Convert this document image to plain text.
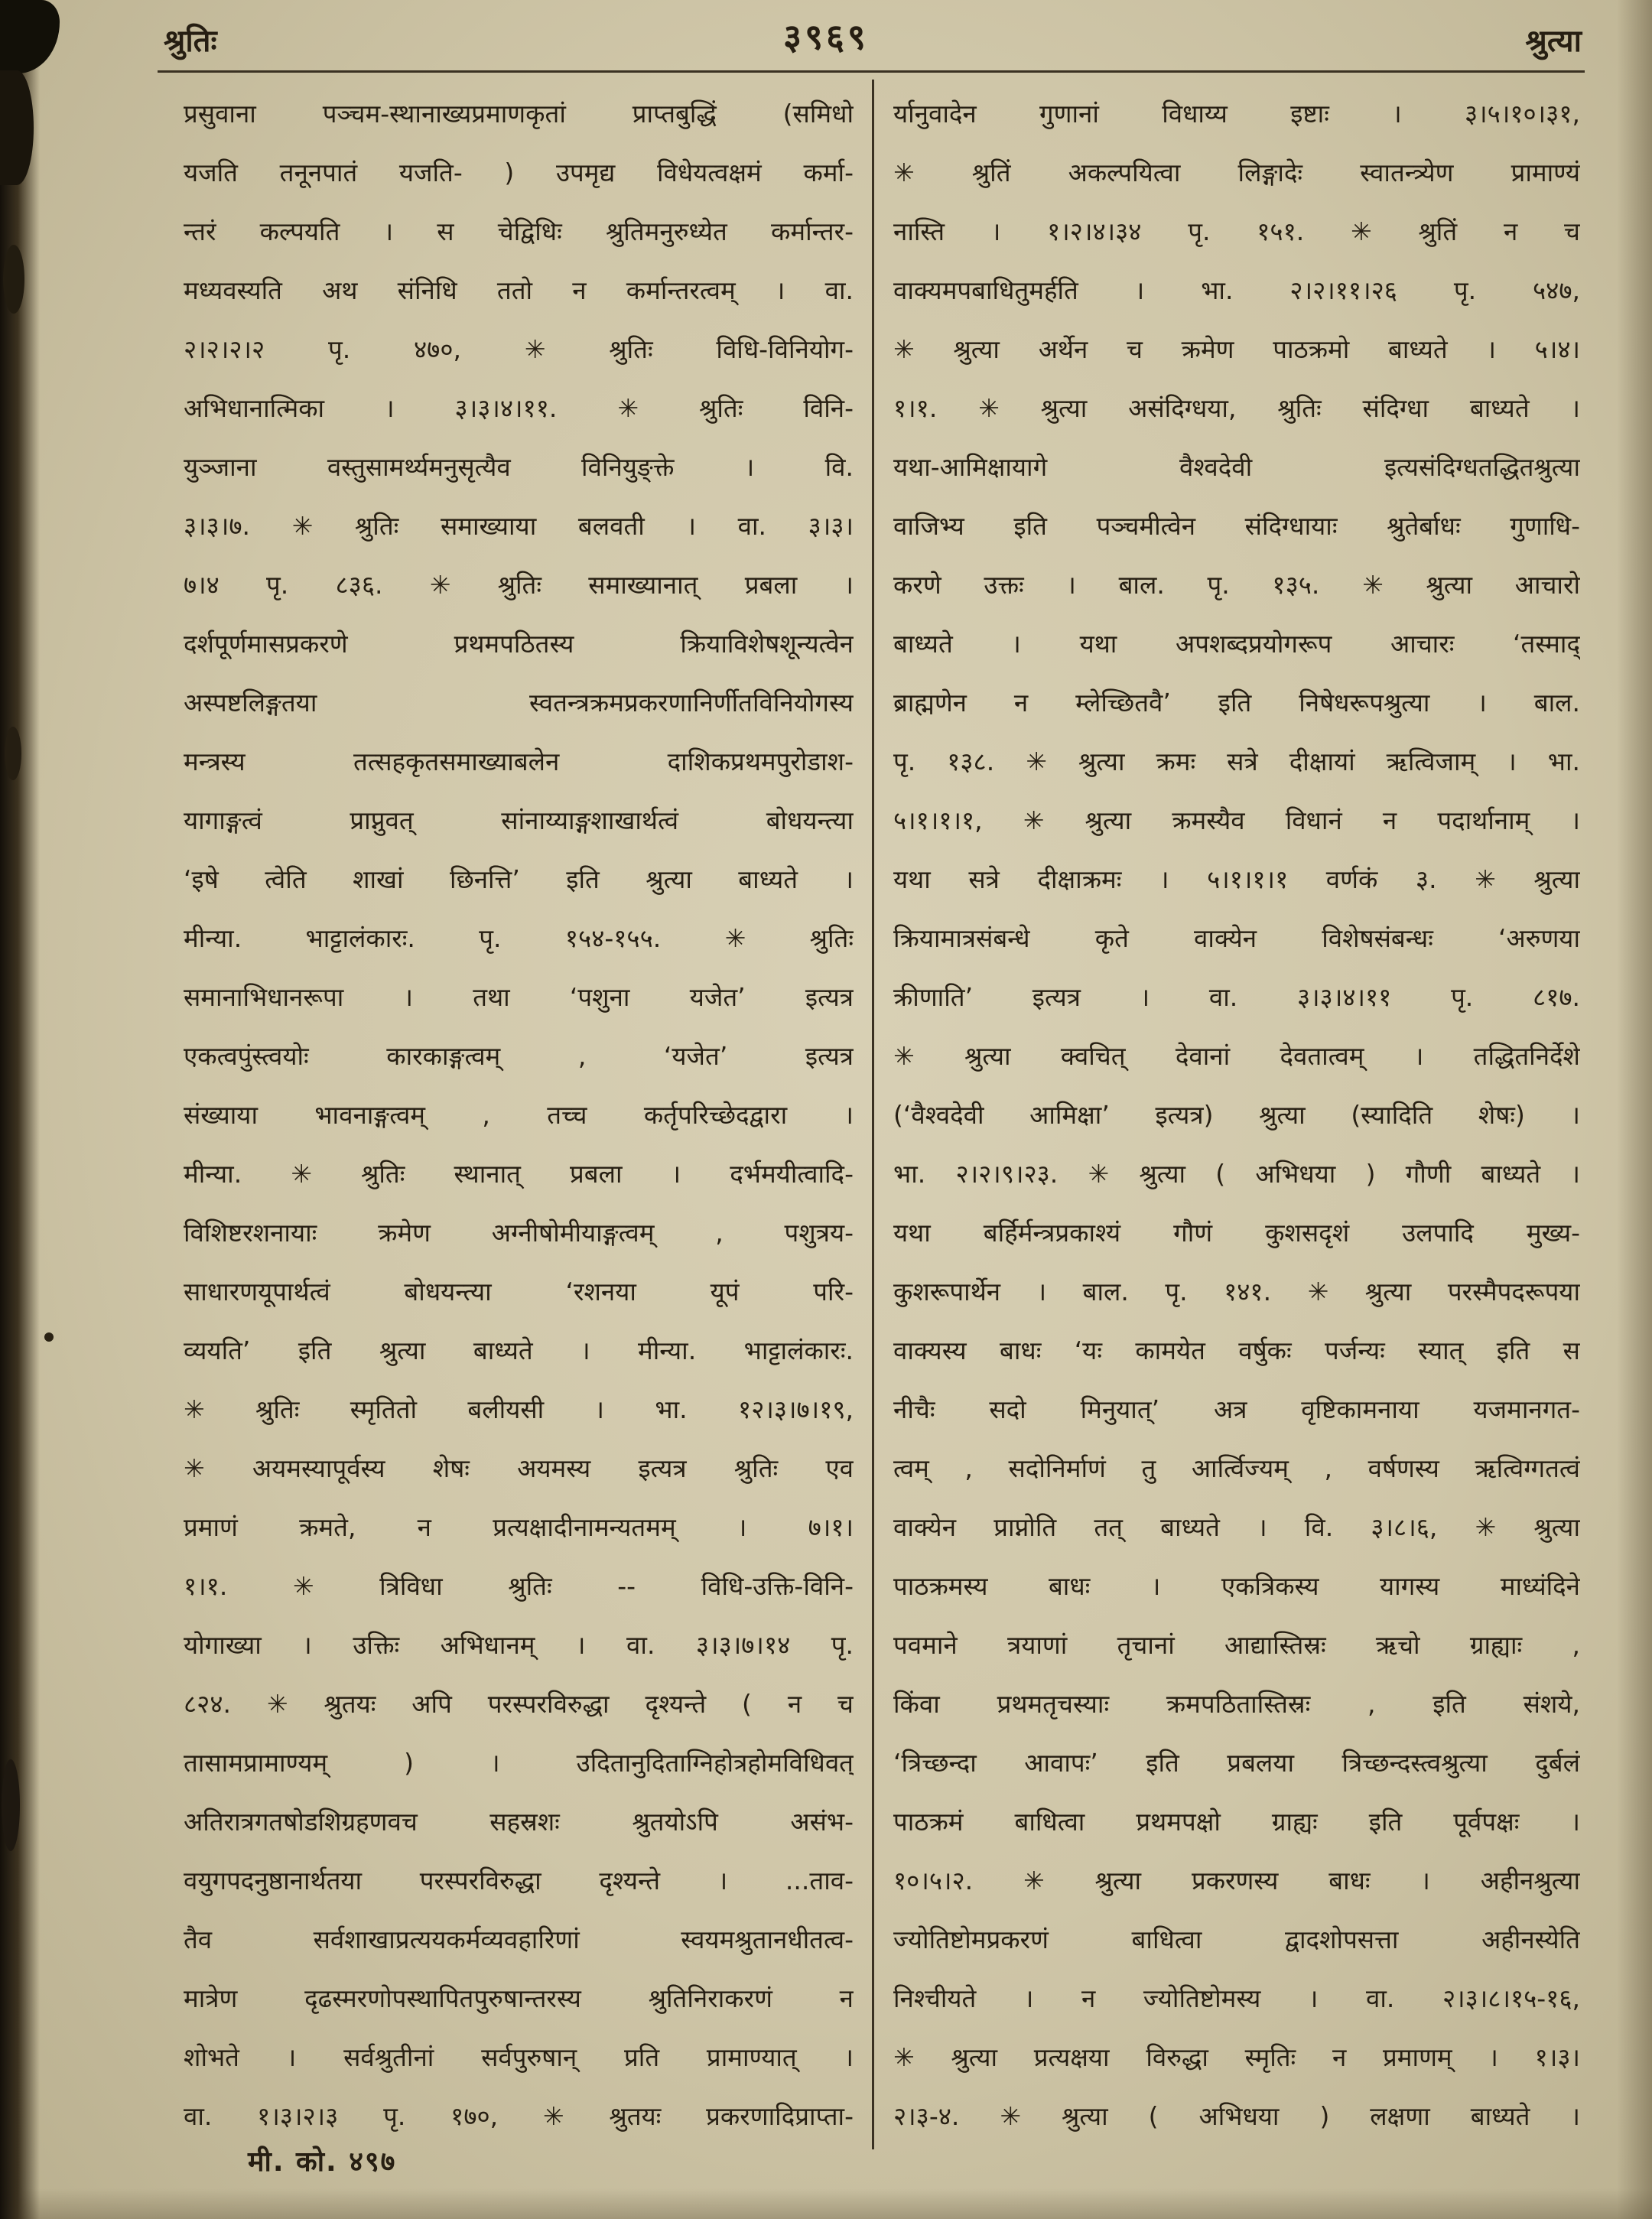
श्रुतिः	३९६९	श्रुत्या
प्रसुवाना पञ्चम-स्थानाख्यप्रमाणकृतां प्राप्तबुद्धिं (समिधो
यजति तनूनपातं यजति- ) उपमृद्य विधेयत्वक्षमं कर्मा-
न्तरं कल्पयति । स चेद्विधिः श्रुतिमनुरुध्येत कर्मान्तर-
मध्यवस्यति अथ संनिधि ततो न कर्मान्तरत्वम् । वा.
२।२।२।२ पृ. ४७०, ✳ श्रुतिः विधि-विनियोग-
अभिधानात्मिका । ३।३।४।११. ✳ श्रुतिः विनि-
युञ्जाना वस्तुसामर्थ्यमनुसृत्यैव विनियुङ्क्ते । वि.
३।३।७. ✳ श्रुतिः समाख्याया बलवती । वा. ३।३।
७।४ पृ. ८३६. ✳ श्रुतिः समाख्यानात् प्रबला ।
दर्शपूर्णमासप्रकरणे प्रथमपठितस्य क्रियाविशेषशून्यत्वेन
अस्पष्टलिङ्गतया स्वतन्त्रक्रमप्रकरणानिर्णीतविनियोगस्य
मन्त्रस्य तत्सहकृतसमाख्याबलेन दाशिकप्रथमपुरोडाश-
यागाङ्गत्वं प्राप्नुवत् सांनाय्याङ्गशाखार्थत्वं बोधयन्त्या
‘इषे त्वेति शाखां छिनत्ति’ इति श्रुत्या बाध्यते ।
मीन्या. भाट्टालंकारः. पृ. १५४-१५५. ✳ श्रुतिः
समानाभिधानरूपा । तथा ‘पशुना यजेत’ इत्यत्र
एकत्वपुंस्त्वयोः कारकाङ्गत्वम् , ‘यजेत’ इत्यत्र
संख्याया भावनाङ्गत्वम् , तच्च कर्तृपरिच्छेदद्वारा ।
मीन्या. ✳ श्रुतिः स्थानात् प्रबला । दर्भमयीत्वादि-
विशिष्टरशनायाः क्रमेण अग्नीषोमीयाङ्गत्वम् , पशुत्रय-
साधारणयूपार्थत्वं बोधयन्त्या ‘रशनया यूपं परि-
व्ययति’ इति श्रुत्या बाध्यते । मीन्या. भाट्टालंकारः.
✳ श्रुतिः स्मृतितो बलीयसी । भा. १२।३।७।१९,
✳ अयमस्यापूर्वस्य शेषः अयमस्य इत्यत्र श्रुतिः एव
प्रमाणं क्रमते, न प्रत्यक्षादीनामन्यतमम् । ७।१।
१।१. ✳ त्रिविधा श्रुतिः -- विधि-उक्ति-विनि-
योगाख्या । उक्तिः अभिधानम् । वा. ३।३।७।१४ पृ.
८२४. ✳ श्रुतयः अपि परस्परविरुद्धा दृश्यन्ते ( न च
तासामप्रामाण्यम् ) । उदितानुदिताग्निहोत्रहोमविधिवत्
अतिरात्रगतषोडशिग्रहणवच सहस्रशः श्रुतयोऽपि असंभ-
वयुगपदनुष्ठानार्थतया परस्परविरुद्धा दृश्यन्ते । ...ताव-
तैव सर्वशाखाप्रत्ययकर्मव्यवहारिणां स्वयमश्रुतानधीतत्व-
मात्रेण दृढस्मरणोपस्थापितपुरुषान्तरस्य श्रुतिनिराकरणं न
शोभते । सर्वश्रुतीनां सर्वपुरुषान् प्रति प्रामाण्यात् ।
वा. १।३।२।३ पृ. १७०, ✳ श्रुतयः प्रकरणादिप्राप्ता-
र्यानुवादेन गुणानां विधाय्य इष्टाः । ३।५।१०।३१,
✳ श्रुतिं अकल्पयित्वा लिङ्गादेः स्वातन्त्र्येण प्रामाण्यं
नास्ति । १।२।४।३४ पृ. १५१. ✳ श्रुतिं न च
वाक्यमपबाधितुमर्हति । भा. २।२।११।२६ पृ. ५४७,
✳ श्रुत्या अर्थेन च क्रमेण पाठक्रमो बाध्यते । ५।४।
१।१. ✳ श्रुत्या असंदिग्धया, श्रुतिः संदिग्धा बाध्यते ।
यथा-आमिक्षायागे वैश्वदेवी इत्यसंदिग्धतद्धितश्रुत्या
वाजिभ्य इति पञ्चमीत्वेन संदिग्धायाः श्रुतेर्बाधः गुणाधि-
करणे उक्तः । बाल. पृ. १३५. ✳ श्रुत्या आचारो
बाध्यते । यथा अपशब्दप्रयोगरूप आचारः ‘तस्माद्
ब्राह्मणेन न म्लेच्छितवै’ इति निषेधरूपश्रुत्या । बाल.
पृ. १३८. ✳ श्रुत्या क्रमः सत्रे दीक्षायां ऋत्विजाम् । भा.
५।१।१।१, ✳ श्रुत्या क्रमस्यैव विधानं न पदार्थानाम् ।
यथा सत्रे दीक्षाक्रमः । ५।१।१।१ वर्णकं ३. ✳ श्रुत्या
क्रियामात्रसंबन्धे कृते वाक्येन विशेषसंबन्धः ‘अरुणया
क्रीणाति’ इत्यत्र । वा. ३।३।४।११ पृ. ८१७.
✳ श्रुत्या क्वचित् देवानां देवतात्वम् । तद्धितनिर्देशे
(‘वैश्वदेवी आमिक्षा’ इत्यत्र) श्रुत्या (स्यादिति शेषः) ।
भा. २।२।९।२३. ✳ श्रुत्या ( अभिधया ) गौणी बाध्यते ।
यथा बर्हिर्मन्त्रप्रकाश्यं गौणं कुशसदृशं उलपादि मुख्य-
कुशरूपार्थेन । बाल. पृ. १४१. ✳ श्रुत्या परस्मैपदरूपया
वाक्यस्य बाधः ‘यः कामयेत वर्षुकः पर्जन्यः स्यात् इति स
नीचैः सदो मिनुयात्’ अत्र वृष्टिकामनाया यजमानगत-
त्वम् , सदोनिर्माणं तु आर्त्विज्यम् , वर्षणस्य ऋत्विग्गतत्वं
वाक्येन प्राप्नोति तत् बाध्यते । वि. ३।८।६, ✳ श्रुत्या
पाठक्रमस्य बाधः । एकत्रिकस्य यागस्य माध्यंदिने
पवमाने त्रयाणां तृचानां आद्यास्तिस्रः ऋचो ग्राह्याः ,
किंवा प्रथमतृचस्याः क्रमपठितास्तिस्रः , इति संशये,
‘त्रिच्छन्दा आवापः’ इति प्रबलया त्रिच्छन्दस्त्वश्रुत्या दुर्बलं
पाठक्रमं बाधित्वा प्रथमपक्षो ग्राह्यः इति पूर्वपक्षः ।
१०।५।२. ✳ श्रुत्या प्रकरणस्य बाधः । अहीनश्रुत्या
ज्योतिष्टोमप्रकरणं बाधित्वा द्वादशोपसत्ता अहीनस्येति
निश्चीयते । न ज्योतिष्टोमस्य । वा. २।३।८।१५-१६,
✳ श्रुत्या प्रत्यक्षया विरुद्धा स्मृतिः न प्रमाणम् । १।३।
२।३-४. ✳ श्रुत्या ( अभिधया ) लक्षणा बाध्यते ।
मी. को. ४९७
